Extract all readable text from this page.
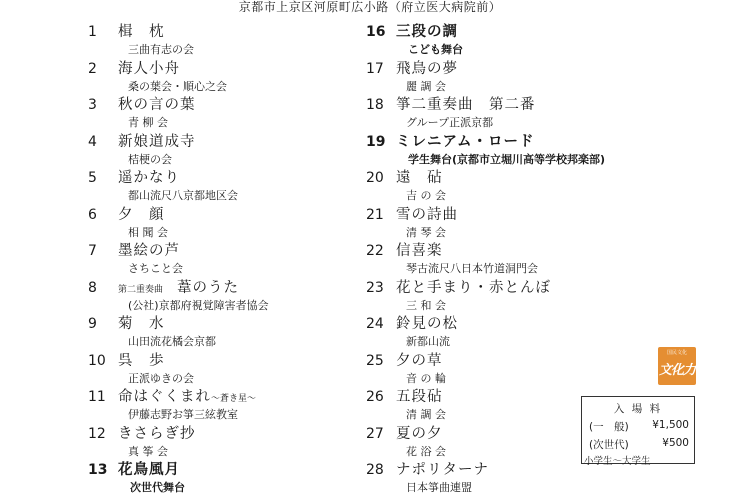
京都市上京区河原町広小路（府立医大病院前）
1	楫　枕
三曲有志の会
2	海人小舟
桑の葉会・順心之会
3	秋の言の葉
青 柳 会
4	新娘道成寺
桔梗の会
5	遥かなり
都山流尺八京都地区会
6	夕　顔
相 聞 会
7	墨絵の芦
さちこと会
8	第二重奏曲 葦のうた
(公社)京都府視覚障害者協会
9	菊　水
山田流花橘会京都
10 呉　歩
正派ゆきの会
11 命はぐくまれ 〜蒼き星〜
伊藤志野お箏三絃教室
12 きさらぎ抄
真 筝 会
13 花鳥風月
次世代舞台
16 三段の調
こども舞台
17 飛鳥の夢
麗 調 会
18 箏二重奏曲　第二番
グループ正派京都
19 ミレニアム・ロード
学生舞台(京都市立堀川高等学校邦楽部)
20 遠　砧
吉 の 会
21 雪の詩曲
清 琴 会
22 信喜楽
琴古流尺八日本竹道洞門会
23 花と手まり・赤とんぼ
三 和 会
24 鈴見の松
新都山流
25 夕の草
音 の 輪
26 五段砧
清 調 会
27 夏の夕
花 浴 会
28 ナポリターナ
日本箏曲連盟
国民文化
文化力
入 場 料
(一　般) ¥1,500
(次世代)	¥500
小学生〜大学生
